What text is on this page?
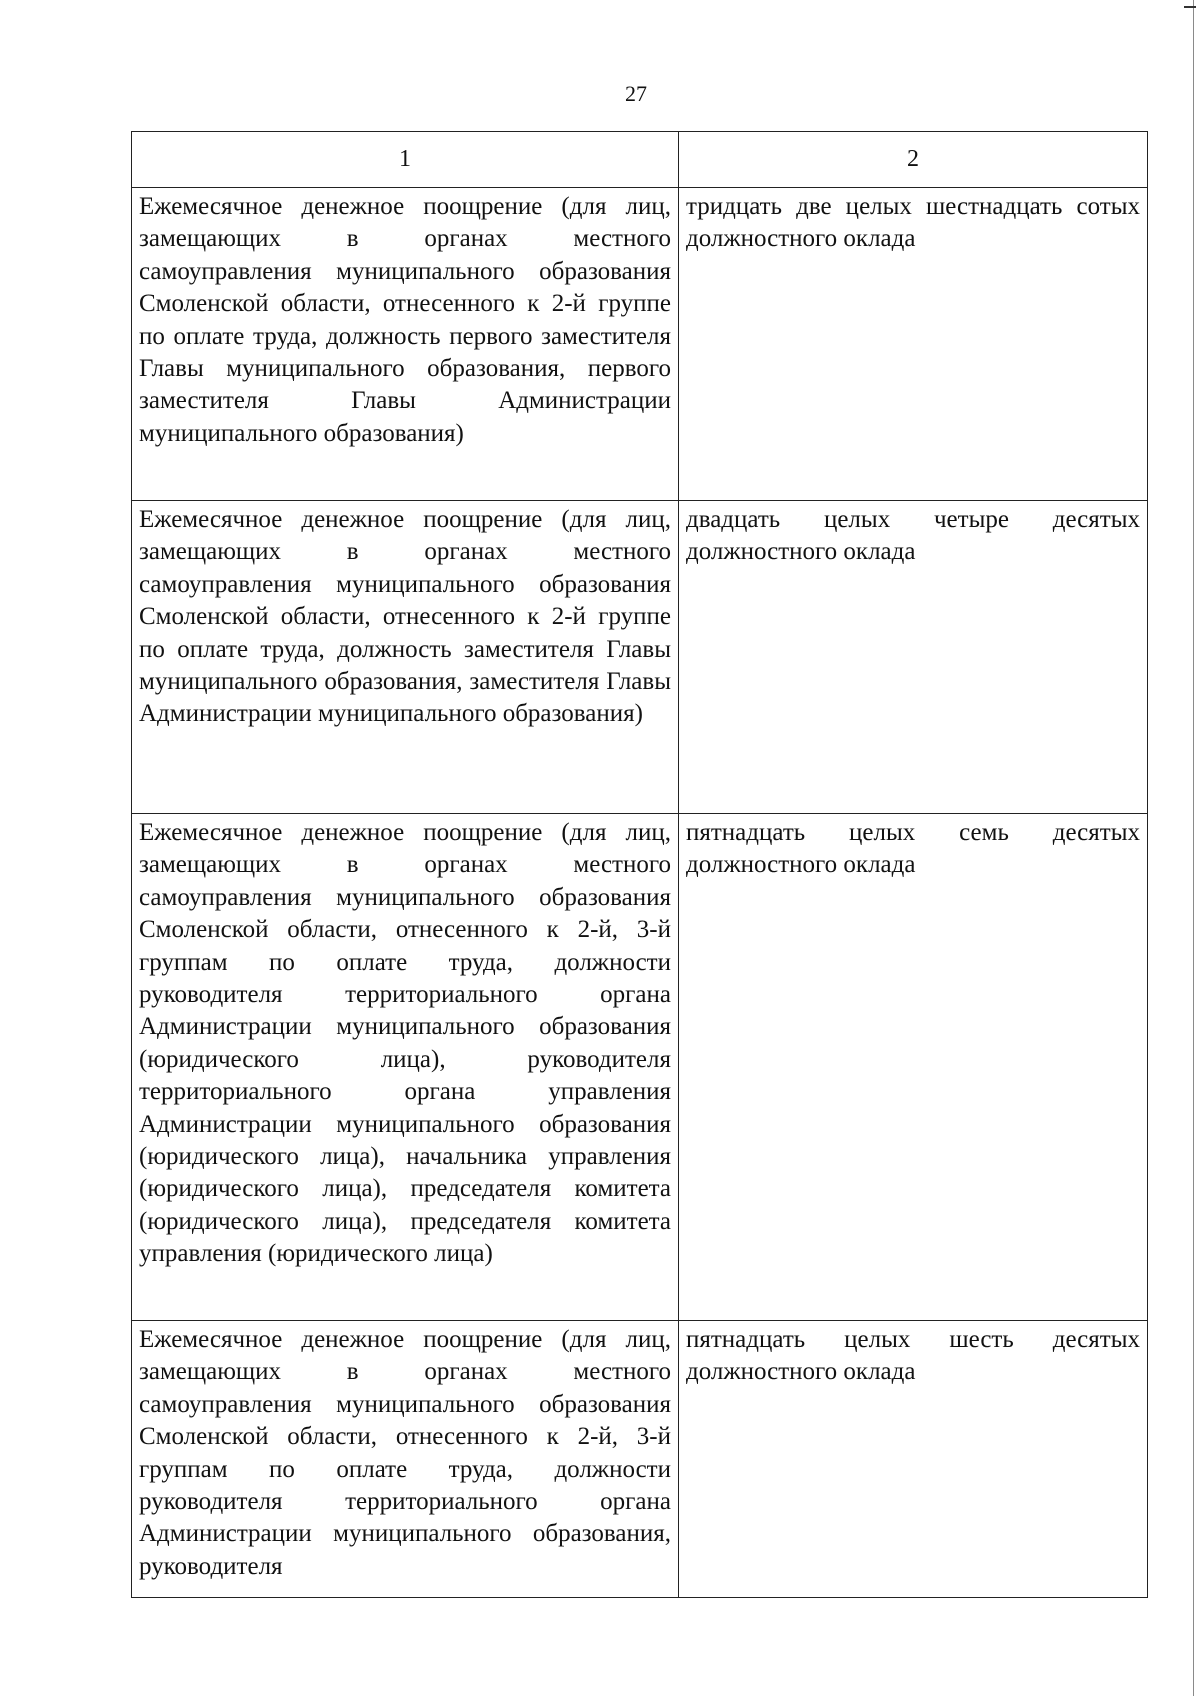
27
1	2
Ежемесячное денежное поощрение (для лиц, замещающих в органах местного самоуправления муниципального образования Смоленской области, отнесенного к 2-й группе по оплате труда, должность первого заместителя Главы муниципального образования, первого заместителя Главы Администрации муниципального образования)	тридцать две целых шестнадцать сотых должностного оклада
Ежемесячное денежное поощрение (для лиц, замещающих в органах местного самоуправления муниципального образования Смоленской области, отнесенного к 2-й группе по оплате труда, должность заместителя Главы муниципального образования, заместителя Главы Администрации муниципального образования)	двадцать целых четыре десятых должностного оклада
Ежемесячное денежное поощрение (для лиц, замещающих в органах местного самоуправления муниципального образования Смоленской области, отнесенного к 2-й, 3-й группам по оплате труда, должности руководителя территориального органа Администрации муниципального образования (юридического лица), руководителя территориального органа управления Администрации муниципального образования (юридического лица), начальника управления (юридического лица), председателя комитета (юридического лица), председателя комитета управления (юридического лица)	пятнадцать целых семь десятых должностного оклада
Ежемесячное денежное поощрение (для лиц, замещающих в органах местного самоуправления муниципального образования Смоленской области, отнесенного к 2-й, 3-й группам по оплате труда, должности руководителя территориального органа Администрации муниципального образования, руководителя	пятнадцать целых шесть десятых должностного оклада
